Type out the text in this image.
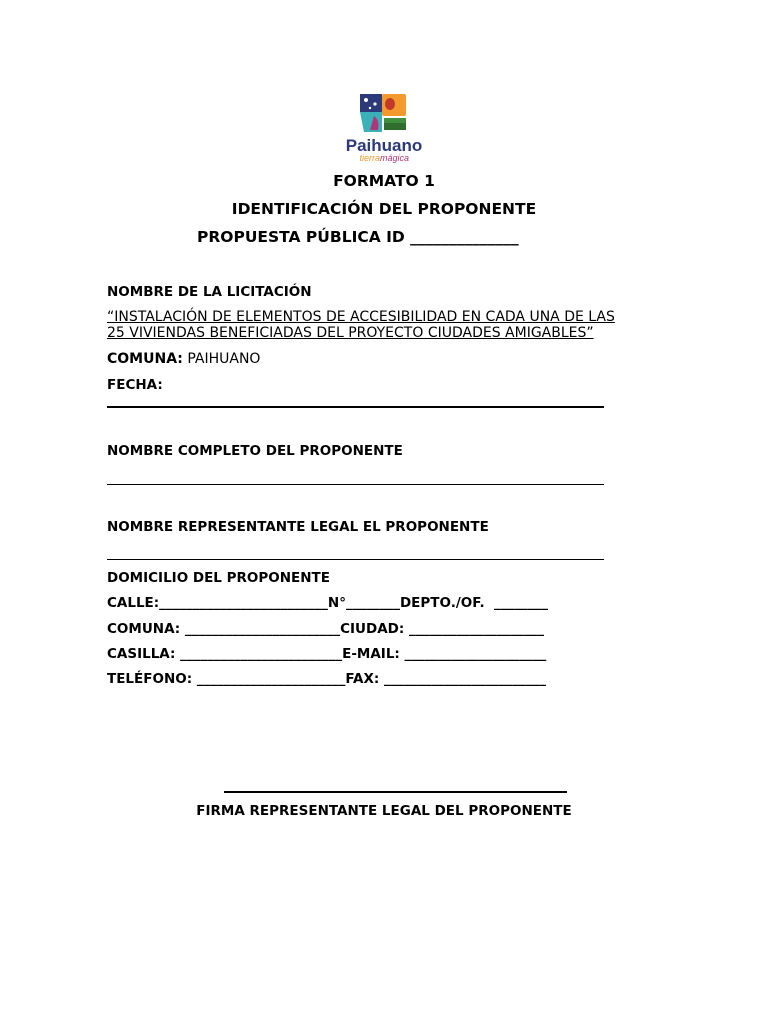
Paihuano
tierramágica
FORMATO 1
IDENTIFICACIÓN DEL PROPONENTE
PROPUESTA PÚBLICA ID ______________
NOMBRE DE LA LICITACIÓN
“INSTALACIÓN DE ELEMENTOS DE ACCESIBILIDAD EN CADA UNA DE LAS
25 VIVIENDAS BENEFICIADAS DEL PROYECTO CIUDADES AMIGABLES”
COMUNA: PAIHUANO
FECHA:
NOMBRE COMPLETO DEL PROPONENTE
NOMBRE REPRESENTANTE LEGAL EL PROPONENTE
DOMICILIO DEL PROPONENTE
CALLE:_________________________N°________DEPTO./OF.  ________
COMUNA: _______________________CIUDAD: ____________________
CASILLA: ________________________E-MAIL: _____________________
TELÉFONO: ______________________FAX: ________________________
FIRMA REPRESENTANTE LEGAL DEL PROPONENTE
